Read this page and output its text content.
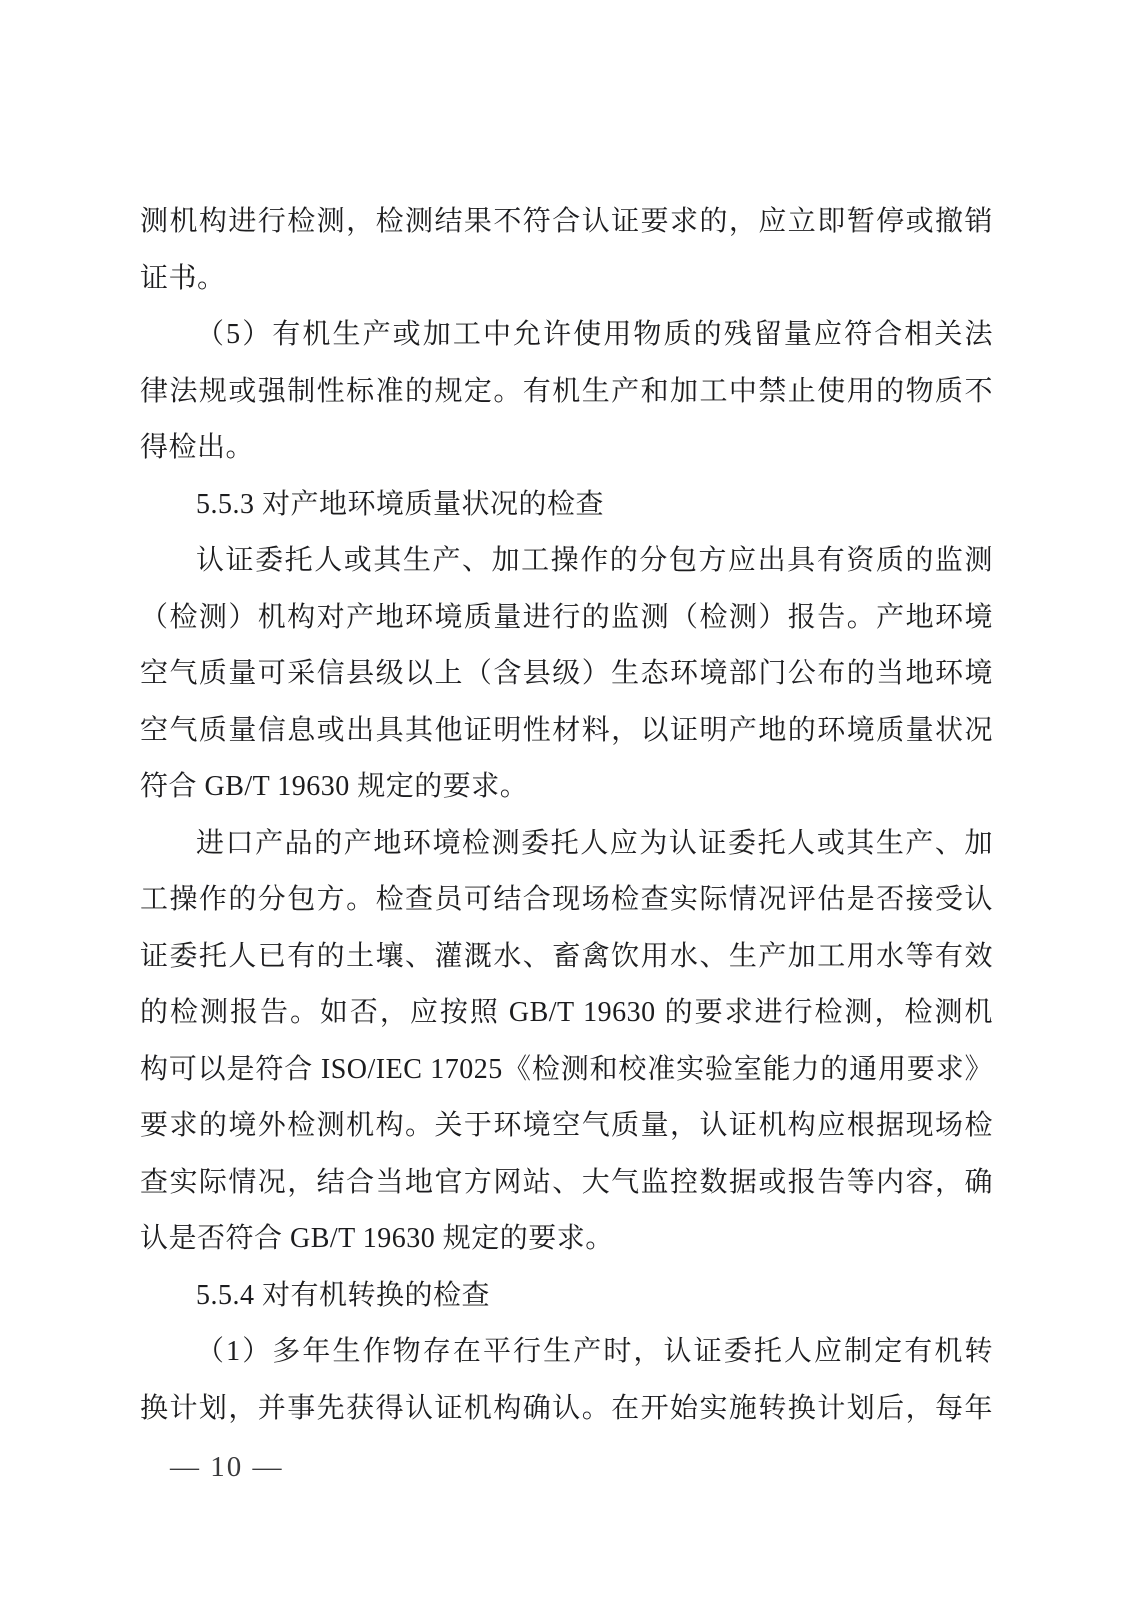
测机构进行检测，检测结果不符合认证要求的，应立即暂停或撤销
证书。
（5）有机生产或加工中允许使用物质的残留量应符合相关法
律法规或强制性标准的规定。有机生产和加工中禁止使用的物质不
得检出。
5.5.3 对产地环境质量状况的检查
认证委托人或其生产、加工操作的分包方应出具有资质的监测
（检测）机构对产地环境质量进行的监测（检测）报告。产地环境
空气质量可采信县级以上（含县级）生态环境部门公布的当地环境
空气质量信息或出具其他证明性材料，以证明产地的环境质量状况
符合 GB/T 19630 规定的要求。
进口产品的产地环境检测委托人应为认证委托人或其生产、加
工操作的分包方。检查员可结合现场检查实际情况评估是否接受认
证委托人已有的土壤、灌溉水、畜禽饮用水、生产加工用水等有效
的检测报告。如否，应按照 GB/T 19630 的要求进行检测，检测机
构可以是符合 ISO/IEC 17025《检测和校准实验室能力的通用要求》
要求的境外检测机构。关于环境空气质量，认证机构应根据现场检
查实际情况，结合当地官方网站、大气监控数据或报告等内容，确
认是否符合 GB/T 19630 规定的要求。
5.5.4 对有机转换的检查
（1）多年生作物存在平行生产时，认证委托人应制定有机转
换计划，并事先获得认证机构确认。在开始实施转换计划后，每年
— 10 —
